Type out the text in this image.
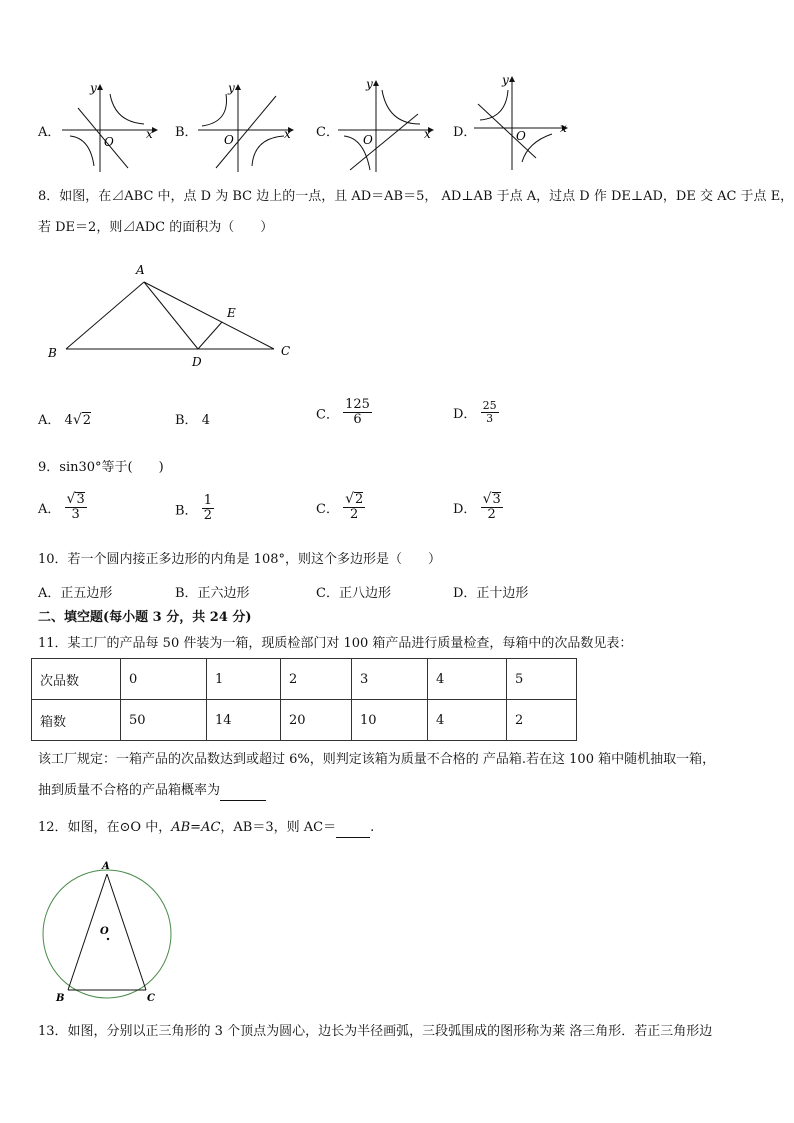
A．
y
x
O
B．
y
x
O	C．
y
x
O	D．
y
x
O
8．如图，在⊿ABC 中，点 D 为 BC 边上的一点，且 AD＝AB＝5， AD⊥AB 于点 A，过点 D 作 DE⊥AD，DE 交 AC 于点 E，
若 DE＝2，则⊿ADC 的面积为（　　）
A
B	C
D
E
A． 4√2	B． 4	C． $\frac{125}{6}$	D． $\frac{25}{3}$
9．sin30°等于(　　)
A． $\frac{√3}{3}$	B． $\frac{1}{2}$	C． $\frac{√2}{2}$	D． $\frac{√3}{2}$
10．若一个圆内接正多边形的内角是 108°，则这个多边形是（　　）
A．正五边形	B．正六边形	C．正八边形	D．正十边形
二、填空题(每小题 3 分，共 24 分)
11．某工厂的产品每 50 件装为一箱，现质检部门对 100 箱产品进行质量检查，每箱中的次品数见表：
次品数	0	1	2	3	4	5
箱数	50	14	20	10	4	2
该工厂规定：一箱产品的次品数达到或超过 6%，则判定该箱为质量不合格的 产品箱.若在这 100 箱中随机抽取一箱，
抽到质量不合格的产品箱概率为
12．如图，在⊙O 中，AB=AC，AB＝3，则 AC＝	.
A
B	C
O
13．如图，分别以正三角形的 3 个顶点为圆心，边长为半径画弧，三段弧围成的图形称为莱 洛三角形．若正三角形边
